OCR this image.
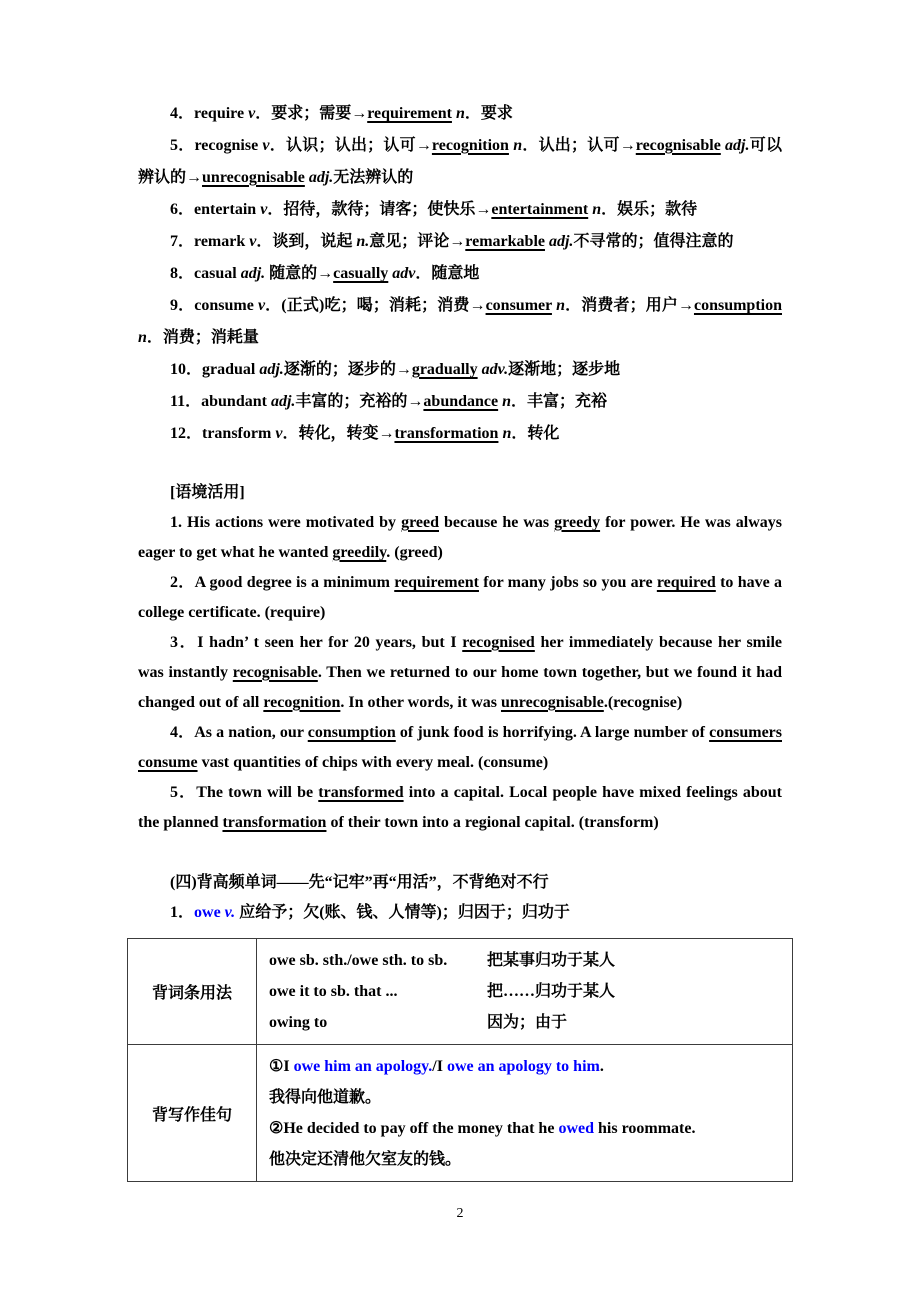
4．require v．要求；需要→requirement n．要求

5．recognise v．认识；认出；认可→recognition n．认出；认可→recognisable adj.可以辨认的→unrecognisable adj.无法辨认的

6．entertain v．招待，款待；请客；使快乐→entertainment n．娱乐；款待

7．remark v．谈到，说起 n.意见；评论→remarkable adj.不寻常的；值得注意的

8．casual adj. 随意的→casually adv．随意地

9．consume v．(正式)吃；喝；消耗；消费→consumer n．消费者；用户→consumption n．消费；消耗量

10．gradual adj.逐渐的；逐步的→gradually adv.逐渐地；逐步地

11．abundant adj.丰富的；充裕的→abundance n．丰富；充裕

12．transform v．转化，转变→transformation n．转化

[语境活用]

1. His actions were motivated by greed because he was greedy for power. He was always eager to get what he wanted greedily. (greed)

2．A good degree is a minimum requirement for many jobs so you are required to have a college certificate. (require)

3．I hadn’ t seen her for 20 years, but I recognised her immediately because her smile was instantly recognisable. Then we returned to our home town together, but we found it had changed out of all recognition. In other words, it was unrecognisable.(recognise)

4．As a nation, our consumption of junk food is horrifying. A large number of consumers consume vast quantities of chips with every meal. (consume)

5．The town will be transformed into a capital. Local people have mixed feelings about the planned transformation of their town into a regional capital. (transform)

(四)背高频单词——先“记牢”再“用活”，不背绝对不行

1．owe v. 应给予；欠(账、钱、人情等)；归因于；归功于

背词条用法	
owe sb. sth./owe sth. to sb.	把某事归功于某人
owe it to sb. that ...	把……归功于某人
owing to	因为；由于

背写作佳句	①I owe him an apology./I owe an apology to him.

我得向他道歉。

②He decided to pay off the money that he owed his roommate.

他决定还清他欠室友的钱。

2
